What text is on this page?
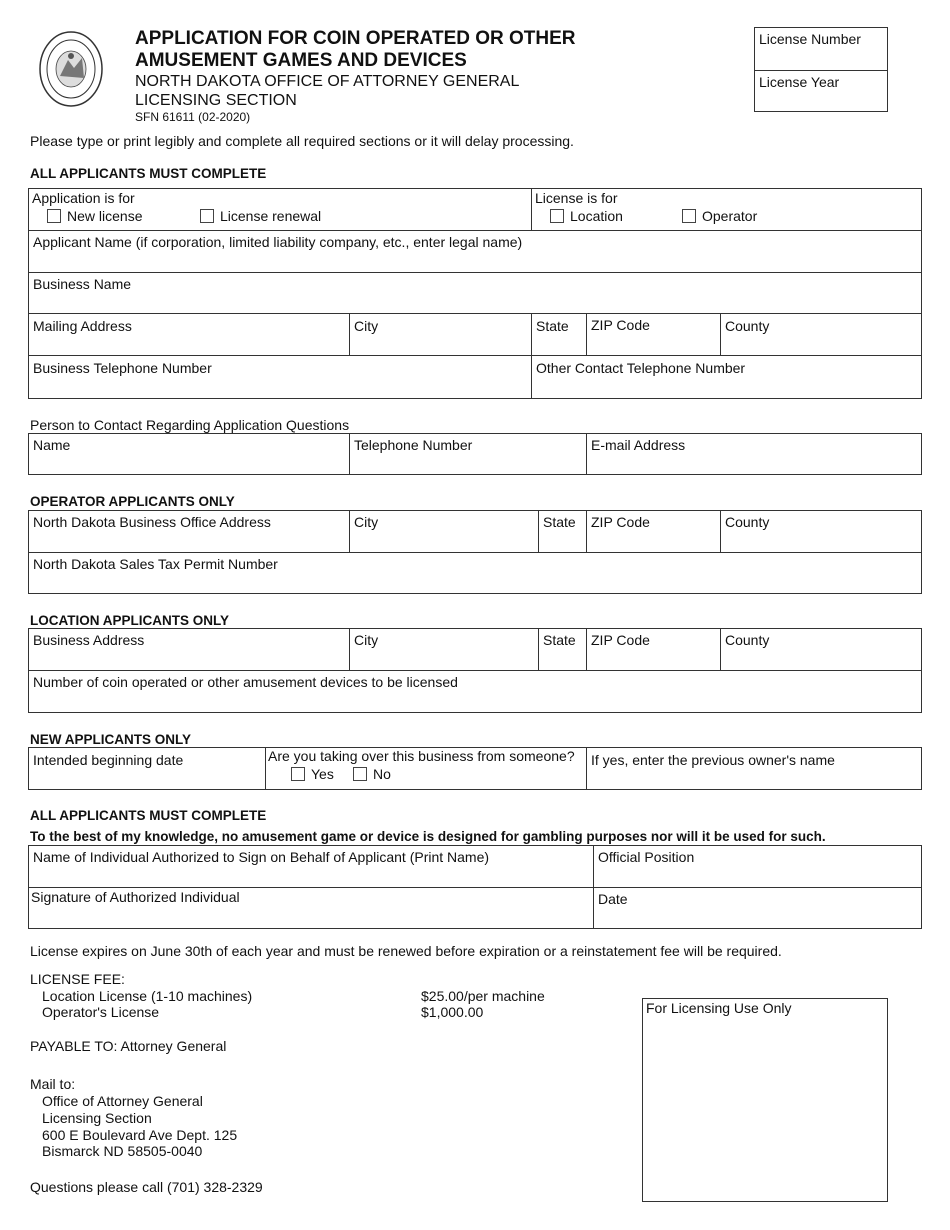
APPLICATION FOR COIN OPERATED OR OTHER
AMUSEMENT GAMES AND DEVICES
NORTH DAKOTA OFFICE OF ATTORNEY GENERAL
LICENSING SECTION
SFN 61611 (02-2020)
License Number
License Year
Please type or print legibly and complete all required sections or it will delay processing.
ALL APPLICANTS MUST COMPLETE
Application is for
New license	License renewal
License is for
Location	Operator
Applicant Name (if corporation, limited liability company, etc., enter legal name)
Business Name
Mailing Address	City	State ZIP Code	County
Business Telephone Number	Other Contact Telephone Number
Person to Contact Regarding Application Questions
Name	Telephone Number	E-mail Address
OPERATOR APPLICANTS ONLY
North Dakota Business Office Address	City	State ZIP Code	County
North Dakota Sales Tax Permit Number
LOCATION APPLICANTS ONLY
Business Address	City	State ZIP Code	County
Number of coin operated or other amusement devices to be licensed
NEW APPLICANTS ONLY
Intended beginning date	Are you taking over this business from someone?
Yes	No
If yes, enter the previous owner's name
ALL APPLICANTS MUST COMPLETE
To the best of my knowledge, no amusement game or device is designed for gambling purposes nor will it be used for such.
Name of Individual Authorized to Sign on Behalf of Applicant (Print Name)	Official Position
Signature of Authorized Individual	Date
License expires on June 30th of each year and must be renewed before expiration or a reinstatement fee will be required.
LICENSE FEE:
Location License (1-10 machines)	$25.00/per machine
Operator's License	$1,000.00
PAYABLE TO: Attorney General
Mail to:
Office of Attorney General
Licensing Section
600 E Boulevard Ave Dept. 125
Bismarck ND 58505-0040
Questions please call (701) 328-2329
For Licensing Use Only
